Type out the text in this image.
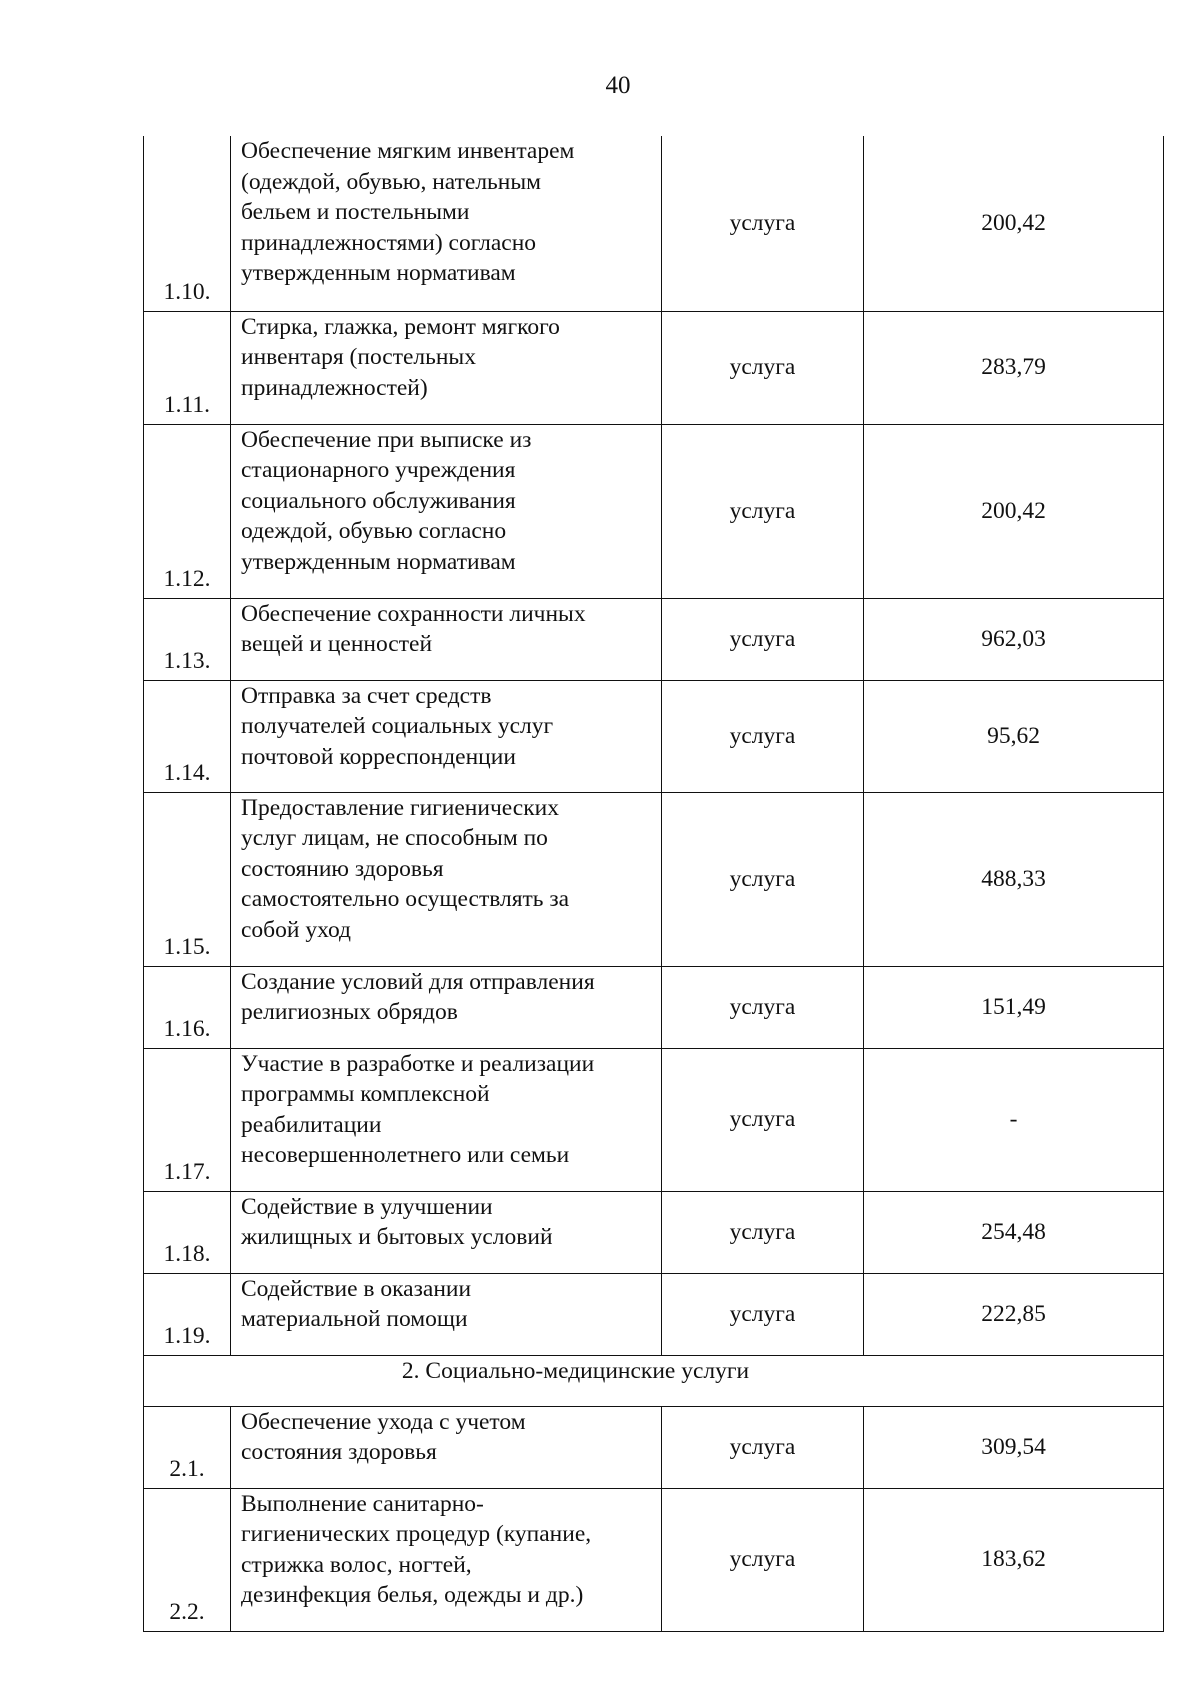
40
1.10.	Обеспечение мягким инвентарем
(одеждой, обувью, нательным
бельем и постельными
принадлежностями) согласно
утвержденным нормативам	услуга	200,42
1.11.	Стирка, глажка, ремонт мягкого
инвентаря (постельных
принадлежностей)	услуга	283,79
1.12.	Обеспечение при выписке из
стационарного учреждения
социального обслуживания
одеждой, обувью согласно
утвержденным нормативам	услуга	200,42
1.13.	Обеспечение сохранности личных
вещей и ценностей	услуга	962,03
1.14.	Отправка за счет средств
получателей социальных услуг
почтовой корреспонденции	услуга	95,62
1.15.	Предоставление гигиенических
услуг лицам, не способным по
состоянию здоровья
самостоятельно осуществлять за
собой уход	услуга	488,33
1.16.	Создание условий для отправления
религиозных обрядов	услуга	151,49
1.17.	Участие в разработке и реализации
программы комплексной
реабилитации
несовершеннолетнего или семьи	услуга	-
1.18.	Содействие в улучшении
жилищных и бытовых условий	услуга	254,48
1.19.	Содействие в оказании
материальной помощи	услуга	222,85
2. Социально-медицинские услуги			
2.1.	Обеспечение ухода с учетом
состояния здоровья	услуга	309,54
2.2.	Выполнение санитарно-
гигиенических процедур (купание,
стрижка волос, ногтей,
дезинфекция белья, одежды и др.)	услуга	183,62
